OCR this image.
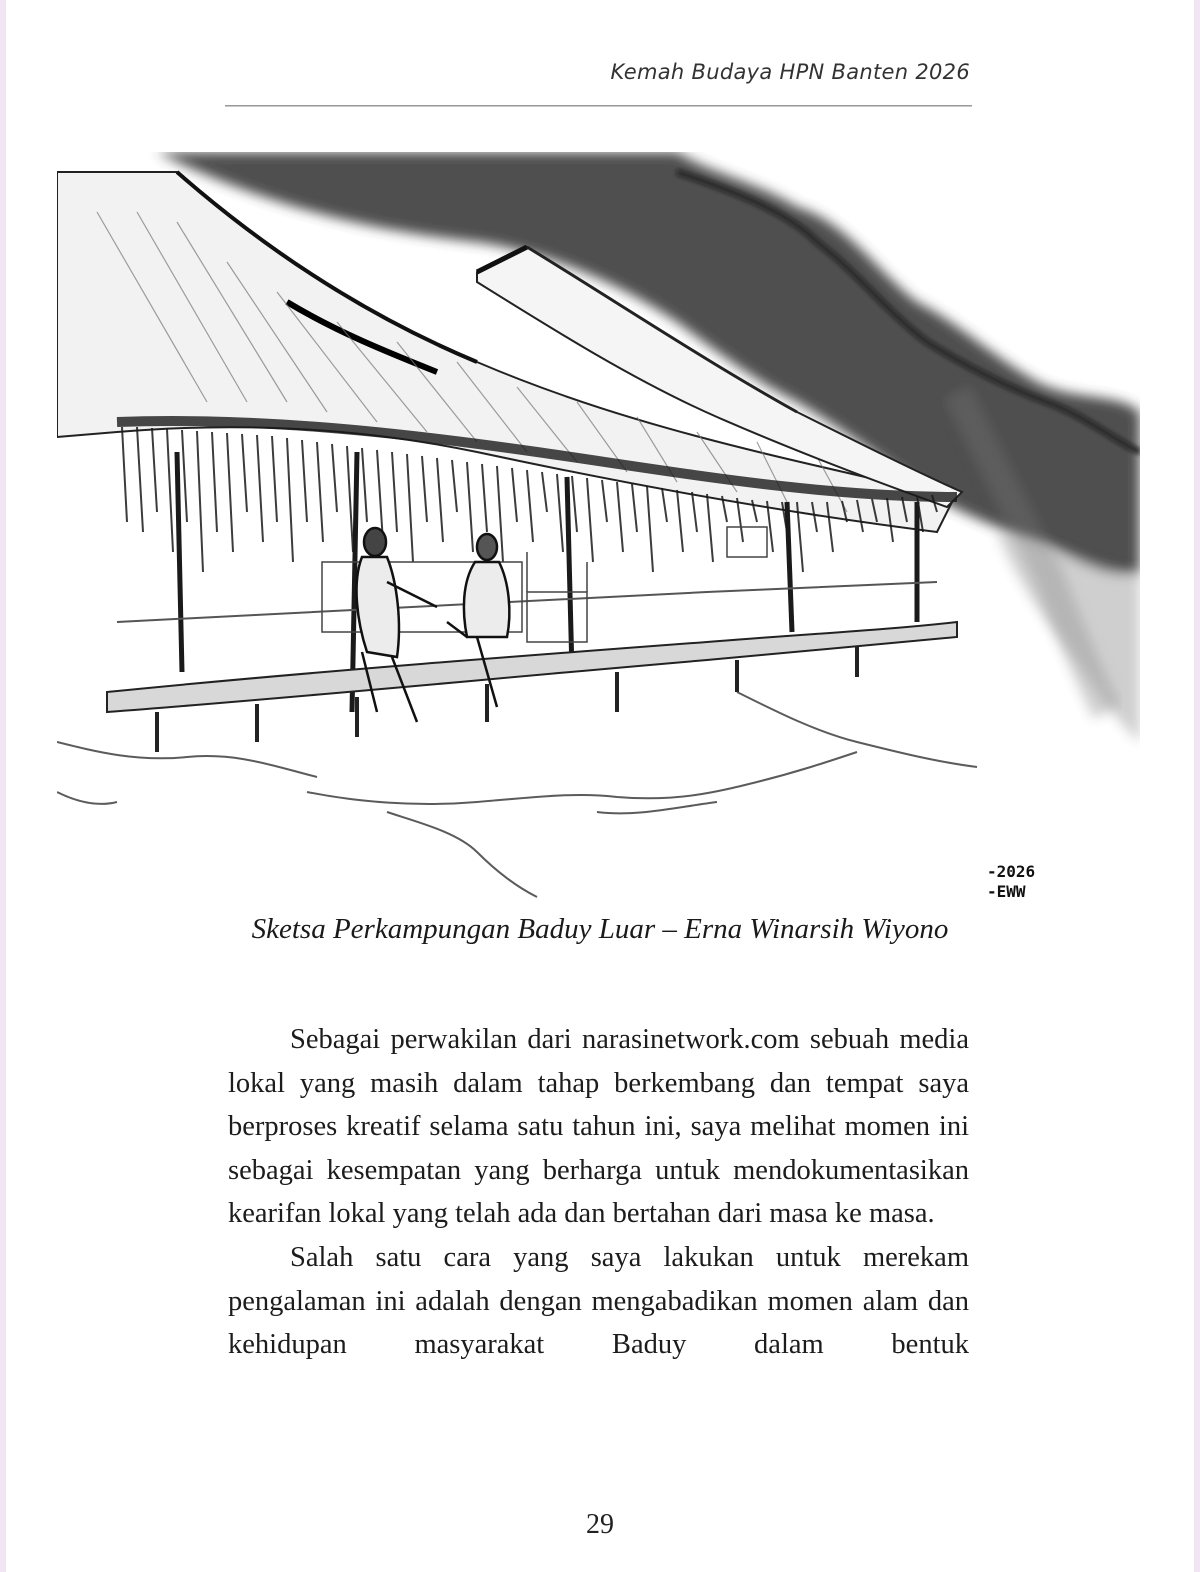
Kemah Budaya HPN Banten 2026
-2026
-EWW

Sketsa Perkampungan Baduy Luar – Erna Winarsih Wiyono

Sebagai perwakilan dari narasinetwork.com sebuah media lokal yang masih dalam tahap berkembang dan tempat saya berproses kreatif selama satu tahun ini, saya melihat momen ini sebagai kesempatan yang berharga untuk mendokumentasikan kearifan lokal yang telah ada dan bertahan dari masa ke masa.

Salah satu cara yang saya lakukan untuk merekam pengalaman ini adalah dengan mengabadikan momen alam dan kehidupan masyarakat Baduy dalam bentuk

29
